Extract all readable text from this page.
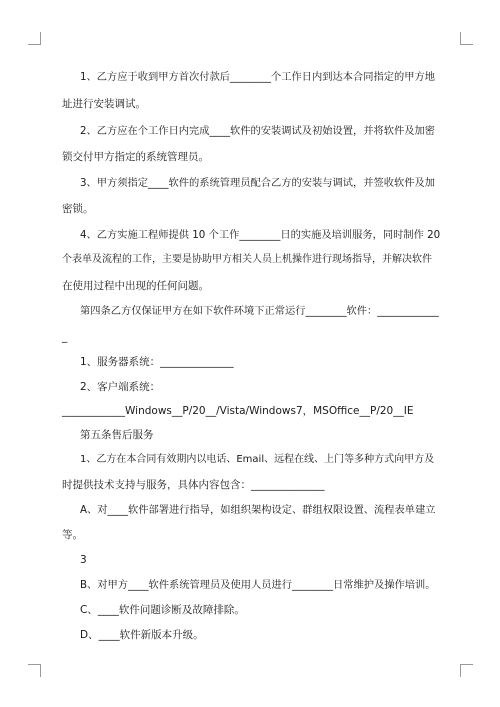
1、乙方应于收到甲方首次付款后________个工作日内到达本合同指定的甲方地
址进行安装调试。
2、乙方应在个工作日内完成____软件的安装调试及初始设置，并将软件及加密
锁交付甲方指定的系统管理员。
3、甲方须指定____软件的系统管理员配合乙方的安装与调试，并签收软件及加
密锁。
4、乙方实施工程师提供 10 个工作________日的实施及培训服务，同时制作 20
个表单及流程的工作，主要是协助甲方相关人员上机操作进行现场指导，并解决软件
在使用过程中出现的任何问题。
第四条乙方仅保证甲方在如下软件环境下正常运行________软件：____________
_
1、服务器系统：______________
2、客户端系统：
____________Windows__P/20__/Vista/Windows7，MSOffice__P/20__IE
第五条售后服务
1、乙方在本合同有效期内以电话、Email、远程在线、上门等多种方式向甲方及
时提供技术支持与服务，具体内容包含：______________
A、对____软件部署进行指导，如组织架构设定、群组权限设置、流程表单建立
等。
3
B、对甲方____软件系统管理员及使用人员进行________日常维护及操作培训。
C、____软件问题诊断及故障排除。
D、____软件新版本升级。
